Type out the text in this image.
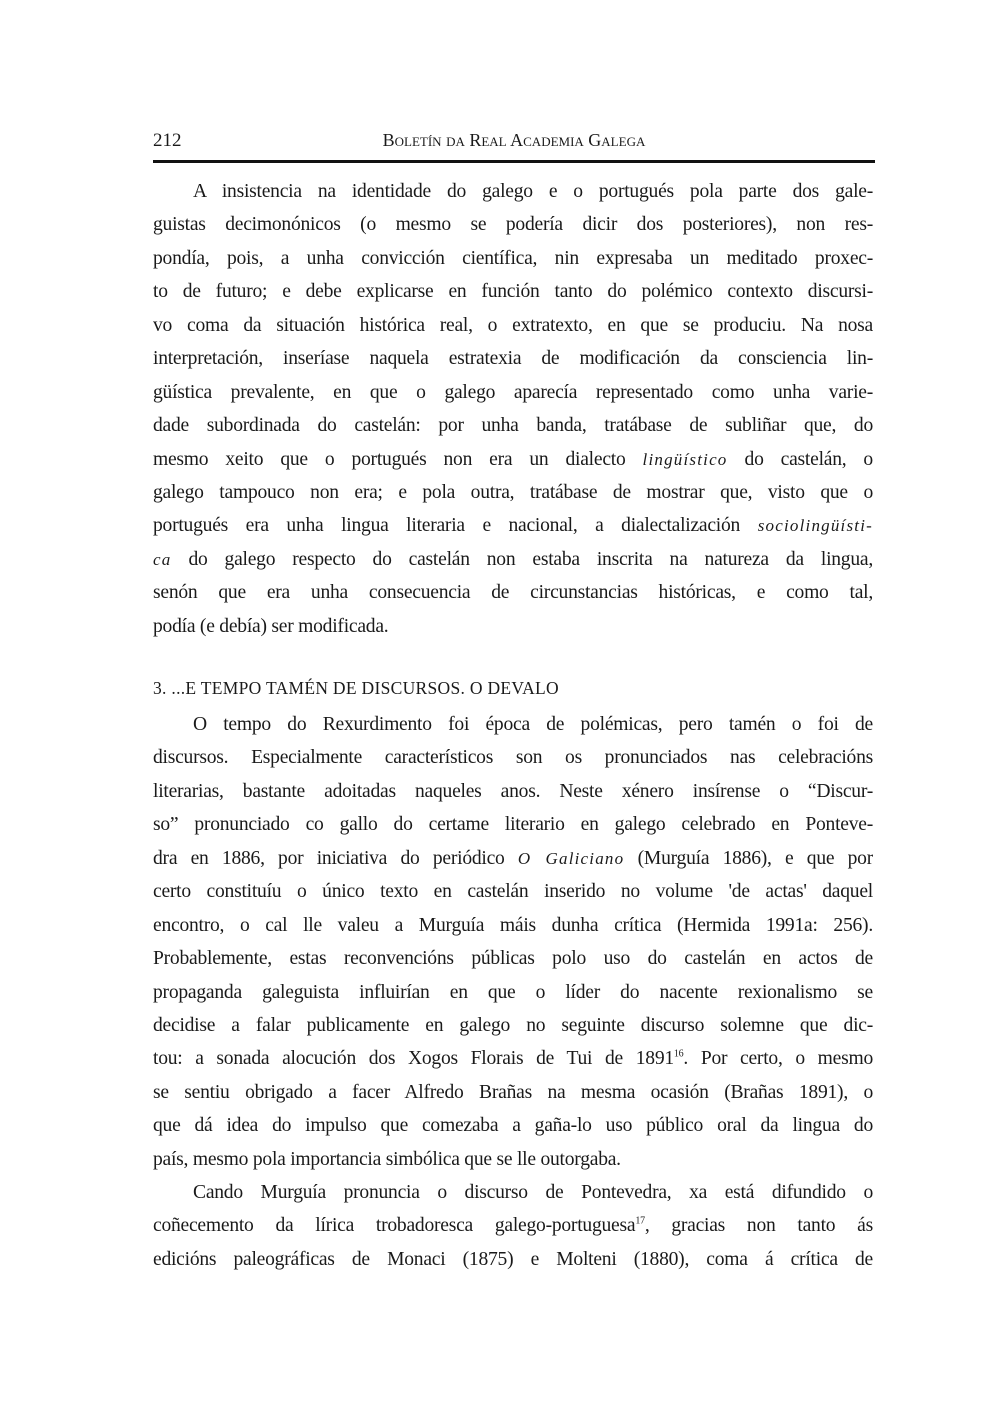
212	Boletín da Real Academia Galega
A insistencia na identidade do galego e o portugués pola parte dos gale-
guistas decimonónicos (o mesmo se podería dicir dos posteriores), non res-
pondía, pois, a unha convicción científica, nin expresaba un meditado proxec-
to de futuro; e debe explicarse en función tanto do polémico contexto discursi-
vo coma da situación histórica real, o extratexto, en que se produciu. Na nosa
interpretación, inseríase naquela estratexia de modificación da consciencia lin-
güística prevalente, en que o galego aparecía representado como unha varie-
dade subordinada do castelán: por unha banda, tratábase de subliñar que, do
mesmo xeito que o portugués non era un dialecto lingüístico do castelán, o
galego tampouco non era; e pola outra, tratábase de mostrar que, visto que o
portugués era unha lingua literaria e nacional, a dialectalización sociolingüísti-
ca do galego respecto do castelán non estaba inscrita na natureza da lingua,
senón que era unha consecuencia de circunstancias históricas, e como tal,
podía (e debía) ser modificada.
3. ...E TEMPO TAMÉN DE DISCURSOS. O DEVALO
O tempo do Rexurdimento foi época de polémicas, pero tamén o foi de
discursos. Especialmente característicos son os pronunciados nas celebracións
literarias, bastante adoitadas naqueles anos. Neste xénero insírense o “Discur-
so” pronunciado co gallo do certame literario en galego celebrado en Ponteve-
dra en 1886, por iniciativa do periódico O Galiciano (Murguía 1886), e que por
certo constituíu o único texto en castelán inserido no volume 'de actas' daquel
encontro, o cal lle valeu a Murguía máis dunha crítica (Hermida 1991a: 256).
Probablemente, estas reconvencións públicas polo uso do castelán en actos de
propaganda galeguista influirían en que o líder do nacente rexionalismo se
decidise a falar publicamente en galego no seguinte discurso solemne que dic-
tou: a sonada alocución dos Xogos Florais de Tui de 1891$^{16}$. Por certo, o mesmo
se sentiu obrigado a facer Alfredo Brañas na mesma ocasión (Brañas 1891), o
que dá idea do impulso que comezaba a gaña-lo uso público oral da lingua do
país, mesmo pola importancia simbólica que se lle outorgaba.
Cando Murguía pronuncia o discurso de Pontevedra, xa está difundido o
coñecemento da lírica trobadoresca galego-portuguesa$^{17}$, gracias non tanto ás
edicións paleográficas de Monaci (1875) e Molteni (1880), coma á crítica de
